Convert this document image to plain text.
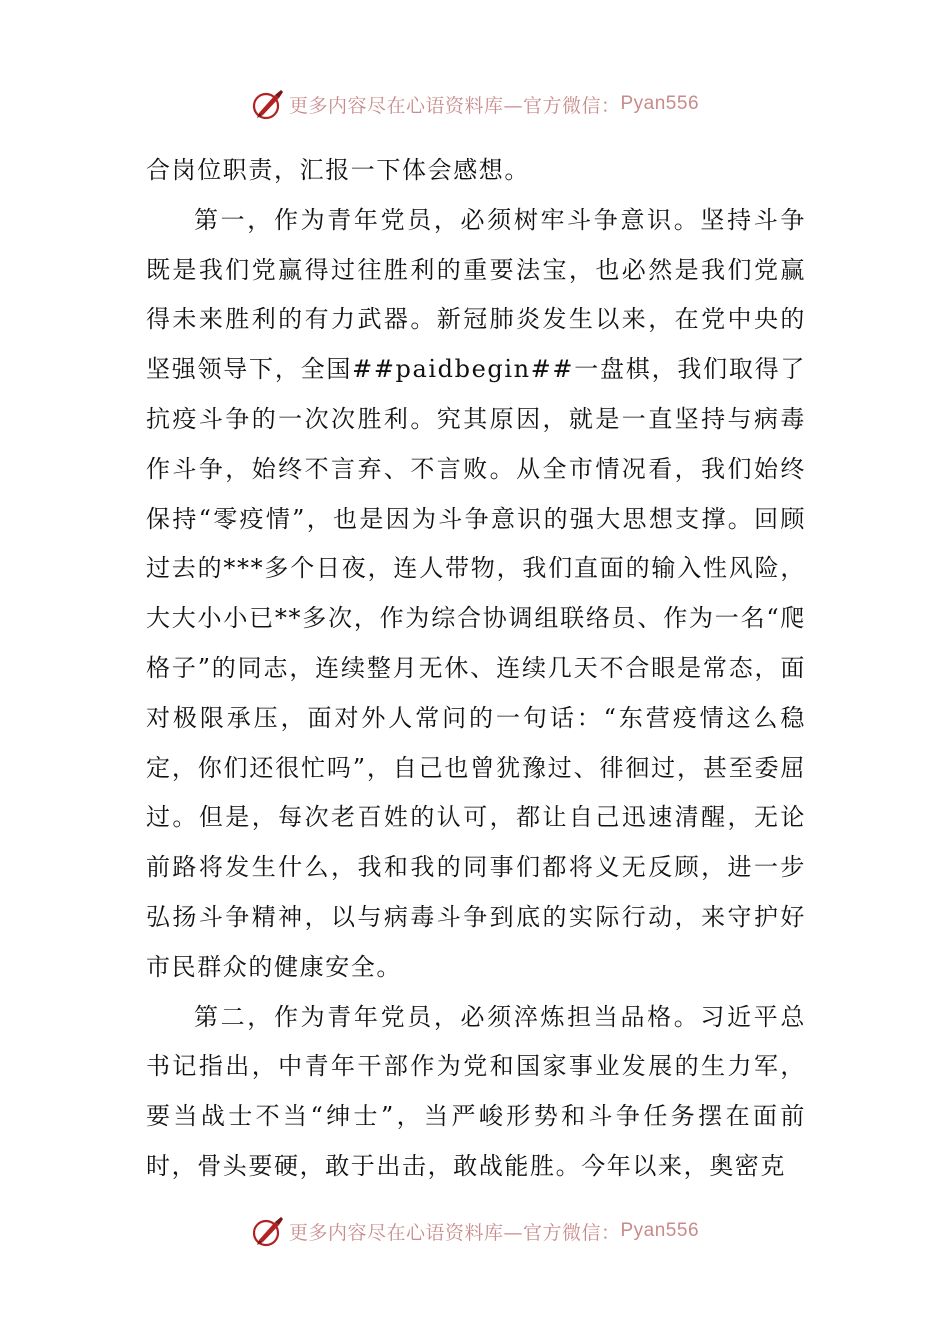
更多内容尽在心语资料库—官方微信： Pyan556

合岗位职责，汇报一下体会感想。

第一，作为青年党员，必须树牢斗争意识。坚持斗争既是我们党赢得过往胜利的重要法宝，也必然是我们党赢得未来胜利的有力武器。新冠肺炎发生以来，在党中央的坚强领导下，全国##paidbegin##一盘棋，我们取得了抗疫斗争的一次次胜利。究其原因，就是一直坚持与病毒作斗争，始终不言弃、不言败。从全市情况看，我们始终保持“零疫情”，也是因为斗争意识的强大思想支撑。回顾过去的***多个日夜，连人带物，我们直面的输入性风险，大大小小已**多次，作为综合协调组联络员、作为一名“爬格子”的同志，连续整月无休、连续几天不合眼是常态，面对极限承压，面对外人常问的一句话：“东营疫情这么稳定，你们还很忙吗”，自己也曾犹豫过、徘徊过，甚至委屈过。但是，每次老百姓的认可，都让自己迅速清醒，无论前路将发生什么，我和我的同事们都将义无反顾，进一步弘扬斗争精神，以与病毒斗争到底的实际行动，来守护好市民群众的健康安全。

第二，作为青年党员，必须淬炼担当品格。习近平总书记指出，中青年干部作为党和国家事业发展的生力军，要当战士不当“绅士”，当严峻形势和斗争任务摆在面前时，骨头要硬，敢于出击，敢战能胜。今年以来，奥密克

更多内容尽在心语资料库—官方微信： Pyan556
